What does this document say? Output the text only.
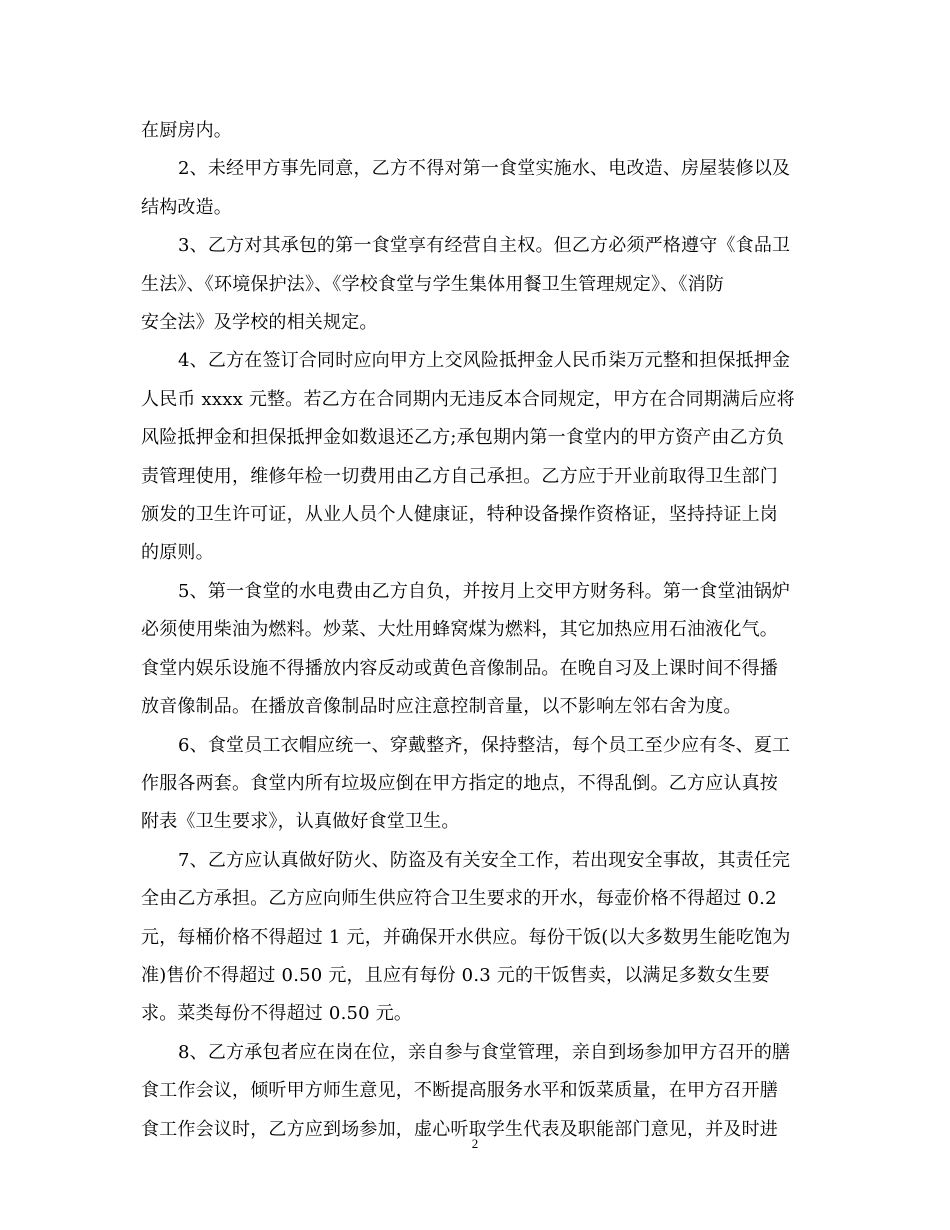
在厨房内。

2、未经甲方事先同意，乙方不得对第一食堂实施水、电改造、房屋装修以及
结构改造。

3、乙方对其承包的第一食堂享有经营自主权。但乙方必须严格遵守《食品卫
生法》、《环境保护法》、《学校食堂与学生集体用餐卫生管理规定》、《消防
安全法》及学校的相关规定。

4、乙方在签订合同时应向甲方上交风险抵押金人民币柒万元整和担保抵押金
人民币 xxxx 元整。若乙方在合同期内无违反本合同规定，甲方在合同期满后应将
风险抵押金和担保抵押金如数退还乙方;承包期内第一食堂内的甲方资产由乙方负
责管理使用，维修年检一切费用由乙方自己承担。乙方应于开业前取得卫生部门
颁发的卫生许可证，从业人员个人健康证，特种设备操作资格证，坚持持证上岗
的原则。

5、第一食堂的水电费由乙方自负，并按月上交甲方财务科。第一食堂油锅炉
必须使用柴油为燃料。炒菜、大灶用蜂窝煤为燃料，其它加热应用石油液化气。
食堂内娱乐设施不得播放内容反动或黄色音像制品。在晚自习及上课时间不得播
放音像制品。在播放音像制品时应注意控制音量，以不影响左邻右舍为度。

6、食堂员工衣帽应统一、穿戴整齐，保持整洁，每个员工至少应有冬、夏工
作服各两套。食堂内所有垃圾应倒在甲方指定的地点，不得乱倒。乙方应认真按
附表《卫生要求》，认真做好食堂卫生。

7、乙方应认真做好防火、防盗及有关安全工作，若出现安全事故，其责任完
全由乙方承担。乙方应向师生供应符合卫生要求的开水，每壶价格不得超过 0.2
元，每桶价格不得超过 1 元，并确保开水供应。每份干饭(以大多数男生能吃饱为
准)售价不得超过 0.50 元，且应有每份 0.3 元的干饭售卖，以满足多数女生要
求。菜类每份不得超过 0.50 元。

8、乙方承包者应在岗在位，亲自参与食堂管理，亲自到场参加甲方召开的膳
食工作会议，倾听甲方师生意见，不断提高服务水平和饭菜质量，在甲方召开膳
食工作会议时，乙方应到场参加，虚心听取学生代表及职能部门意见，并及时进

2
